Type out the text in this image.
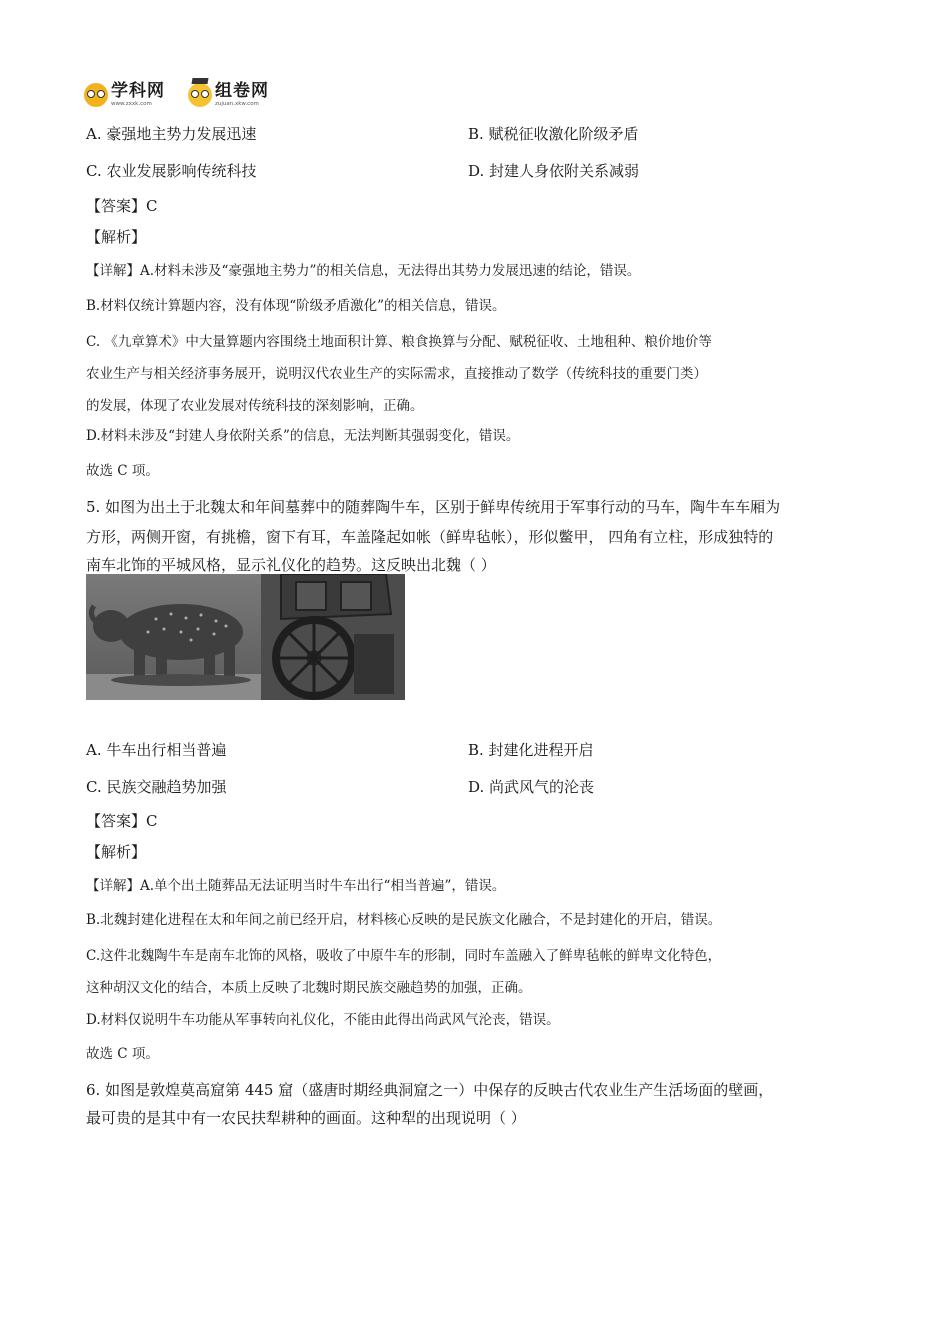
学科网
www.zxxk.com
组卷网
zujuan.xkw.com
A. 豪强地主势力发展迅速	B. 赋税征收激化阶级矛盾
C. 农业发展影响传统科技	D. 封建人身依附关系减弱
【答案】C
【解析】
【详解】A.材料未涉及“豪强地主势力”的相关信息，无法得出其势力发展迅速的结论，错误。
B.材料仅统计算题内容，没有体现“阶级矛盾激化”的相关信息，错误。
C. 《九章算术》中大量算题内容围绕土地面积计算、粮食换算与分配、赋税征收、土地租种、粮价地价等
农业生产与相关经济事务展开，说明汉代农业生产的实际需求，直接推动了数学（传统科技的重要门类）
的发展，体现了农业发展对传统科技的深刻影响，正确。
D.材料未涉及“封建人身依附关系”的信息，无法判断其强弱变化，错误。
故选 C 项。
5. 如图为出土于北魏太和年间墓葬中的随葬陶牛车，区别于鲜卑传统用于军事行动的马车，陶牛车车厢为
方形，两侧开窗，有挑檐，窗下有耳，车盖隆起如帐（鲜卑毡帐），形似鳖甲， 四角有立柱，形成独特的
南车北饰的平城风格，显示礼仪化的趋势。这反映出北魏（ ）
A. 牛车出行相当普遍	B. 封建化进程开启
C. 民族交融趋势加强	D. 尚武风气的沦丧
【答案】C
【解析】
【详解】A.单个出土随葬品无法证明当时牛车出行“相当普遍”，错误。
B.北魏封建化进程在太和年间之前已经开启，材料核心反映的是民族文化融合，不是封建化的开启，错误。
C.这件北魏陶牛车是南车北饰的风格，吸收了中原牛车的形制，同时车盖融入了鲜卑毡帐的鲜卑文化特色，
这种胡汉文化的结合，本质上反映了北魏时期民族交融趋势的加强，正确。
D.材料仅说明牛车功能从军事转向礼仪化，不能由此得出尚武风气沦丧，错误。
故选 C 项。
6. 如图是敦煌莫高窟第 445 窟（盛唐时期经典洞窟之一）中保存的反映古代农业生产生活场面的壁画，
最可贵的是其中有一农民扶犁耕种的画面。这种犁的出现说明（ ）
